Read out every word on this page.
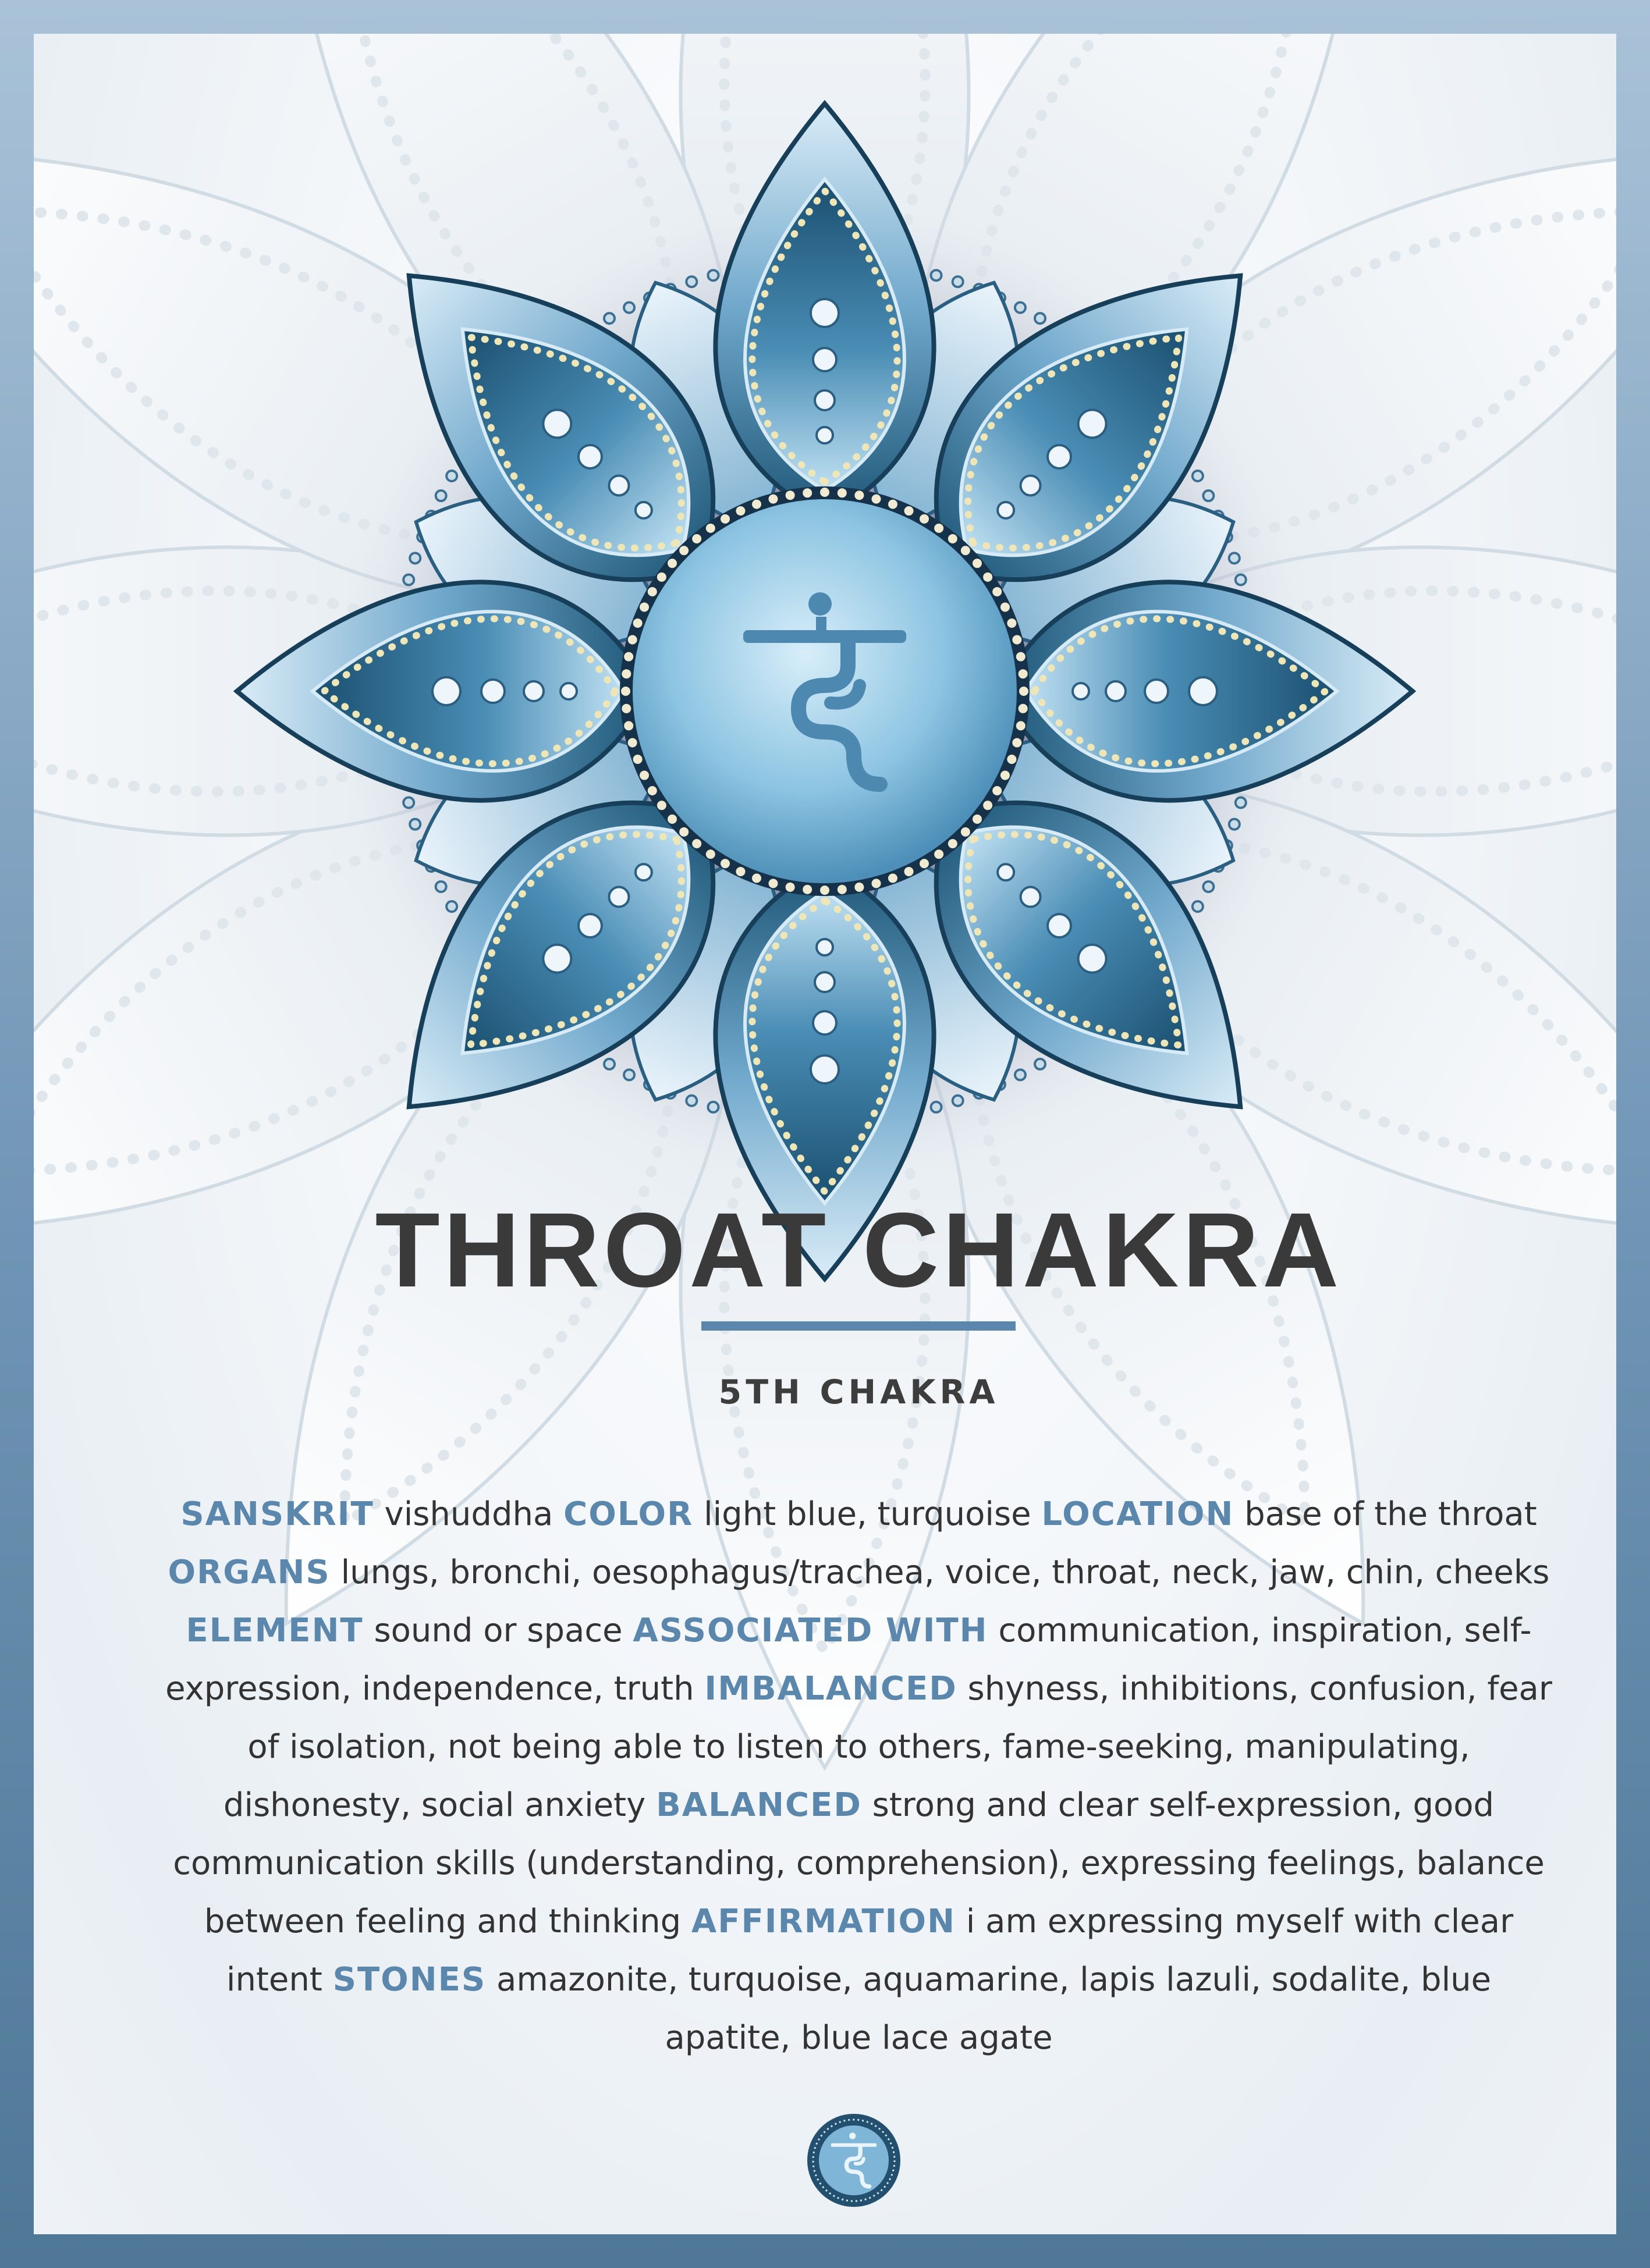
THROAT CHAKRA
5TH CHAKRA

SANSKRIT vishuddha COLOR light blue, turquoise LOCATION base of the throat ORGANS lungs, bronchi, oesophagus/trachea, voice, throat, neck, jaw, chin, cheeks ELEMENT sound or space ASSOCIATED WITH communication, inspiration, self-expression, independence, truth IMBALANCED shyness, inhibitions, confusion, fear of isolation, not being able to listen to others, fame-seeking, manipulating, dishonesty, social anxiety BALANCED strong and clear self-expression, good communication skills (understanding, comprehension), expressing feelings, balance between feeling and thinking AFFIRMATION i am expressing myself with clear intent STONES amazonite, turquoise, aquamarine, lapis lazuli, sodalite, blue apatite, blue lace agate
